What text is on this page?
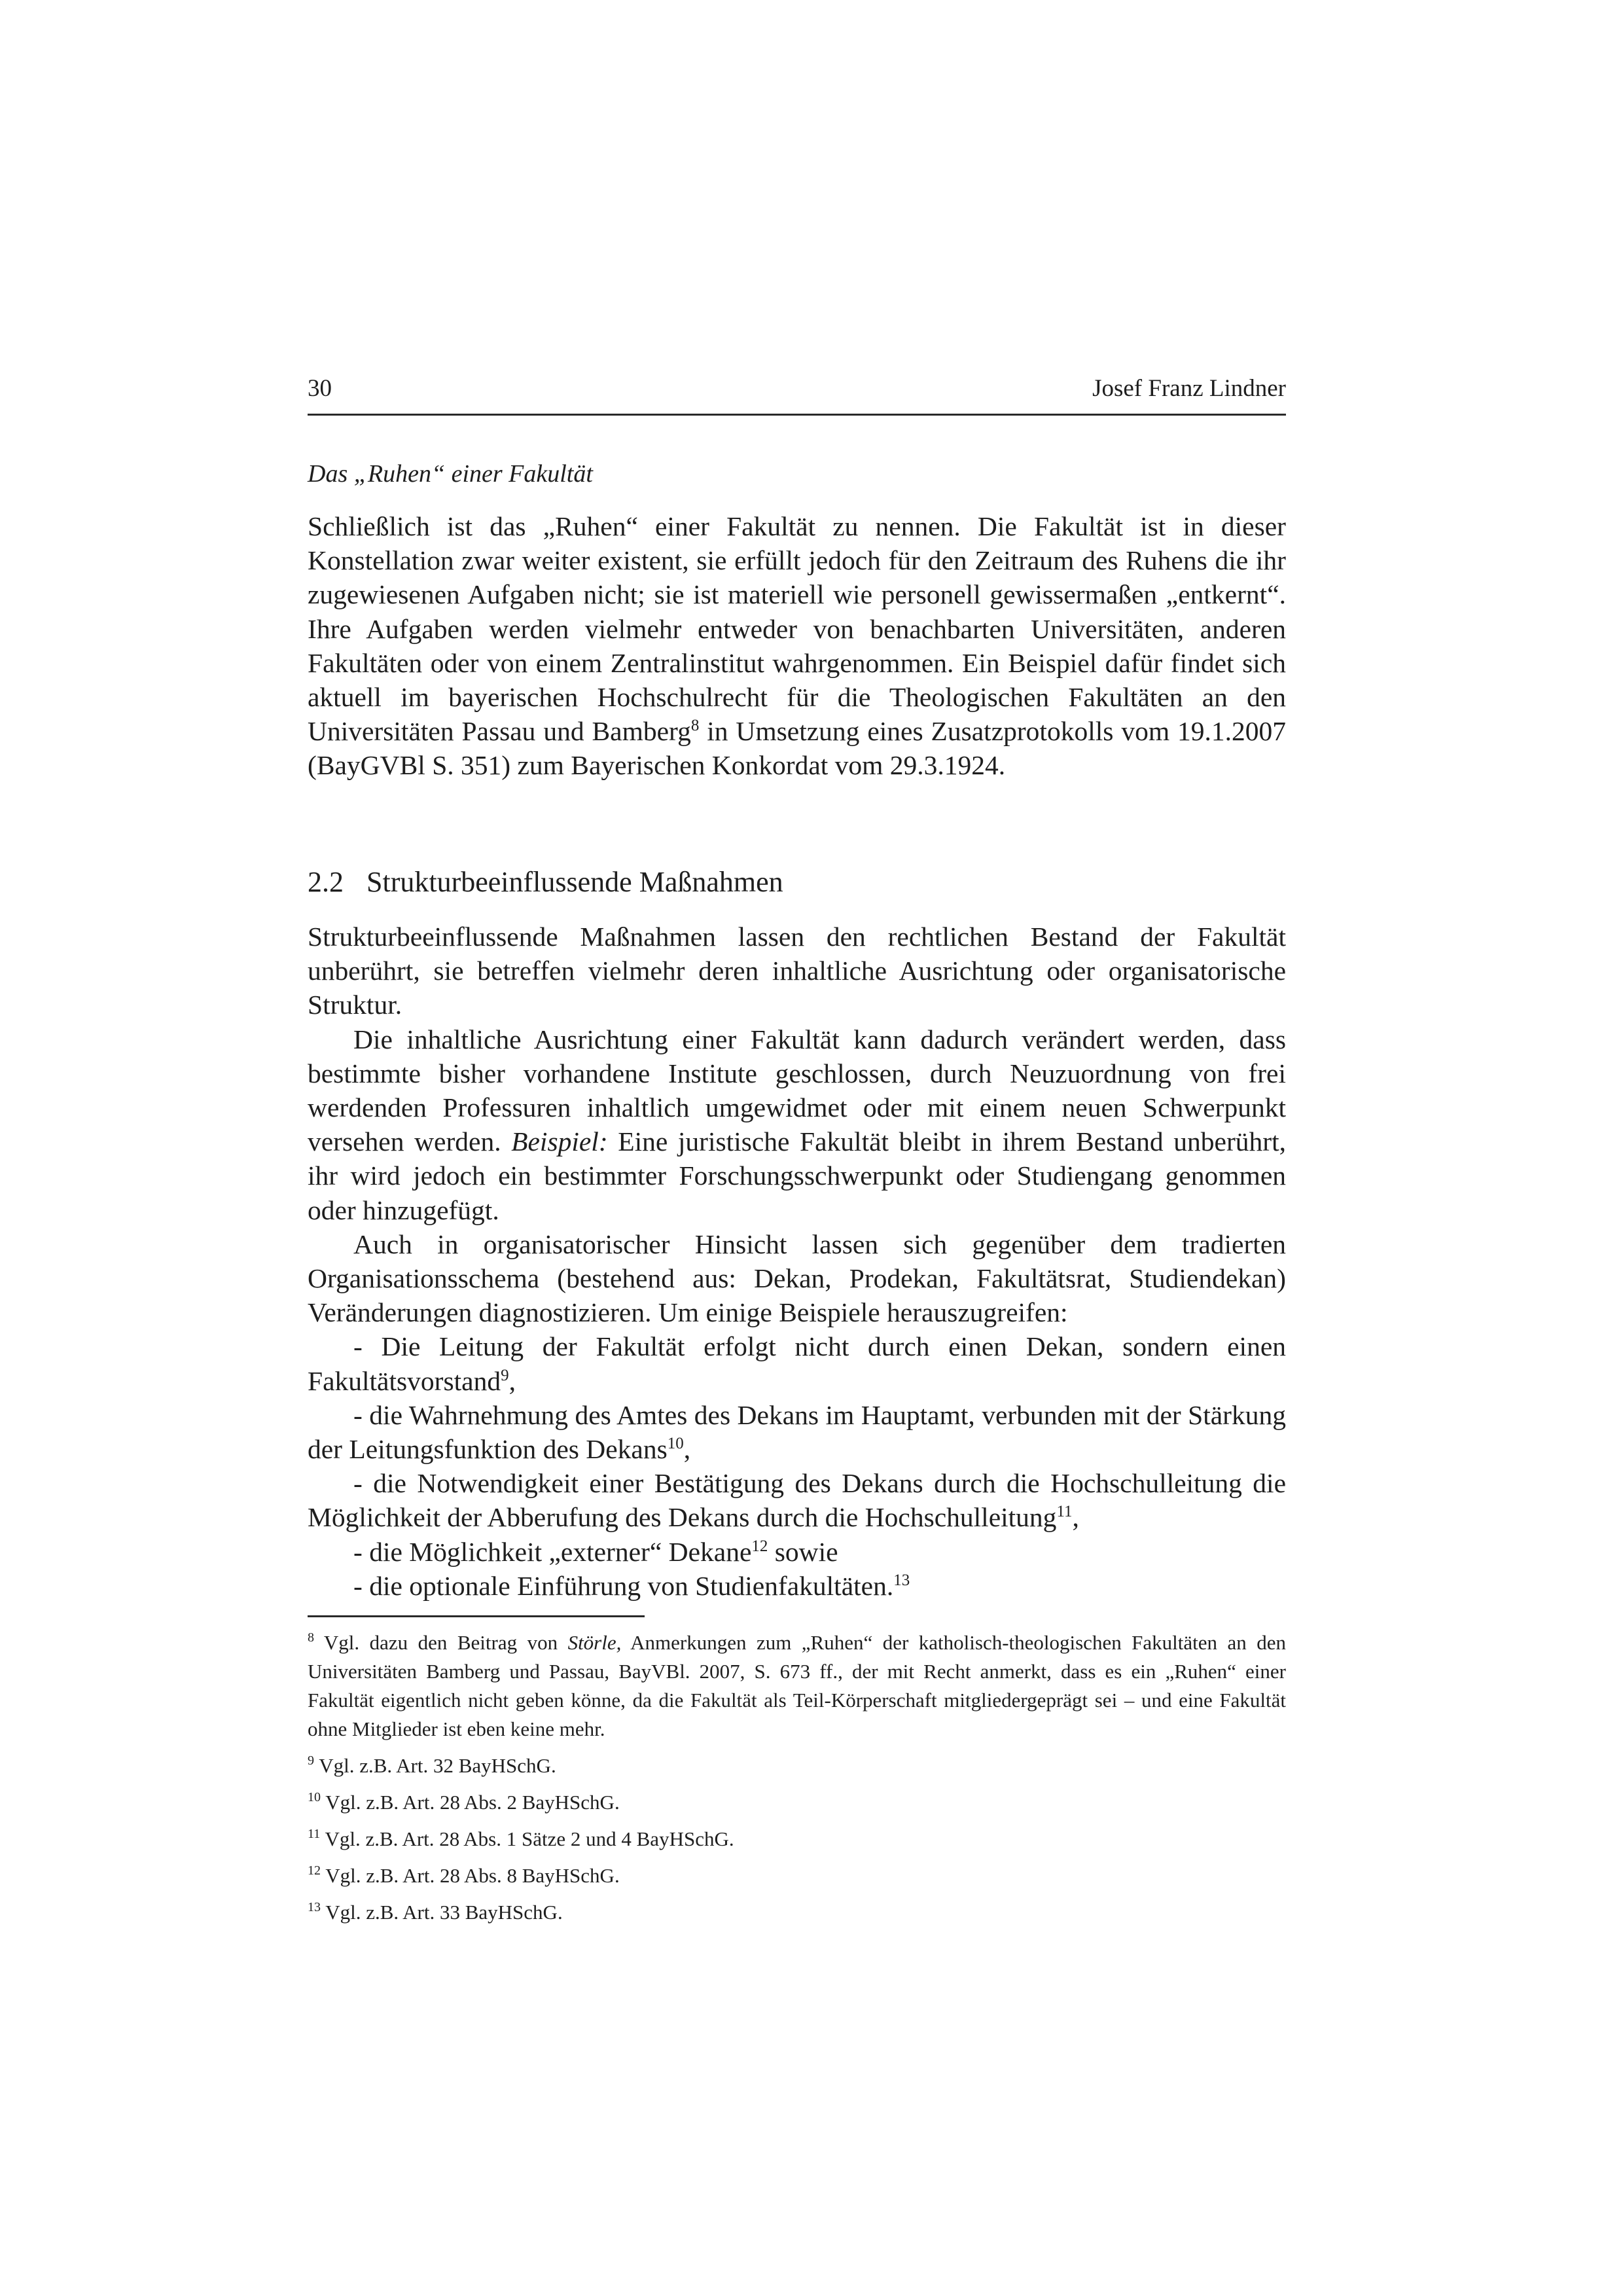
30	Josef Franz Lindner
Das „Ruhen“ einer Fakultät

Schließlich ist das „Ruhen“ einer Fakultät zu nennen. Die Fakultät ist in dieser Konstellation zwar weiter existent, sie erfüllt jedoch für den Zeitraum des Ruhens die ihr zugewiesenen Aufgaben nicht; sie ist materiell wie personell gewissermaßen „entkernt“. Ihre Aufgaben werden vielmehr entweder von benachbarten Universitäten, anderen Fakultäten oder von einem Zentralinstitut wahrgenommen. Ein Beispiel dafür findet sich aktuell im bayerischen Hochschulrecht für die Theologischen Fakultäten an den Universitäten Passau und Bamberg$^8$ in Umsetzung eines Zusatzprotokolls vom 19.1.2007 (BayGVBl S. 351) zum Bayerischen Konkordat vom 29.3.1924.

2.2 Strukturbeeinflussende Maßnahmen

Strukturbeeinflussende Maßnahmen lassen den rechtlichen Bestand der Fakultät unberührt, sie betreffen vielmehr deren inhaltliche Ausrichtung oder organisatorische Struktur.

Die inhaltliche Ausrichtung einer Fakultät kann dadurch verändert werden, dass bestimmte bisher vorhandene Institute geschlossen, durch Neuzuordnung von frei werdenden Professuren inhaltlich umgewidmet oder mit einem neuen Schwerpunkt versehen werden. Beispiel: Eine juristische Fakultät bleibt in ihrem Bestand unberührt, ihr wird jedoch ein bestimmter Forschungsschwerpunkt oder Studiengang genommen oder hinzugefügt.

Auch in organisatorischer Hinsicht lassen sich gegenüber dem tradierten Organisationsschema (bestehend aus: Dekan, Prodekan, Fakultätsrat, Studiendekan) Veränderungen diagnostizieren. Um einige Beispiele herauszugreifen:

- Die Leitung der Fakultät erfolgt nicht durch einen Dekan, sondern einen Fakultätsvorstand$^9$,

- die Wahrnehmung des Amtes des Dekans im Hauptamt, verbunden mit der Stärkung der Leitungsfunktion des Dekans$^{10}$,

- die Notwendigkeit einer Bestätigung des Dekans durch die Hochschulleitung die Möglichkeit der Abberufung des Dekans durch die Hochschulleitung$^{11}$,

- die Möglichkeit „externer“ Dekane$^{12}$ sowie

- die optionale Einführung von Studienfakultäten.$^{13}$

$^8$ Vgl. dazu den Beitrag von Störle, Anmerkungen zum „Ruhen“ der katholisch-theologischen Fakultäten an den Universitäten Bamberg und Passau, BayVBl. 2007, S. 673 ff., der mit Recht anmerkt, dass es ein „Ruhen“ einer Fakultät eigentlich nicht geben könne, da die Fakultät als Teil-Körperschaft mitgliedergeprägt sei – und eine Fakultät ohne Mitglieder ist eben keine mehr.

$^9$ Vgl. z.B. Art. 32 BayHSchG.

$^{10}$ Vgl. z.B. Art. 28 Abs. 2 BayHSchG.

$^{11}$ Vgl. z.B. Art. 28 Abs. 1 Sätze 2 und 4 BayHSchG.

$^{12}$ Vgl. z.B. Art. 28 Abs. 8 BayHSchG.

$^{13}$ Vgl. z.B. Art. 33 BayHSchG.
